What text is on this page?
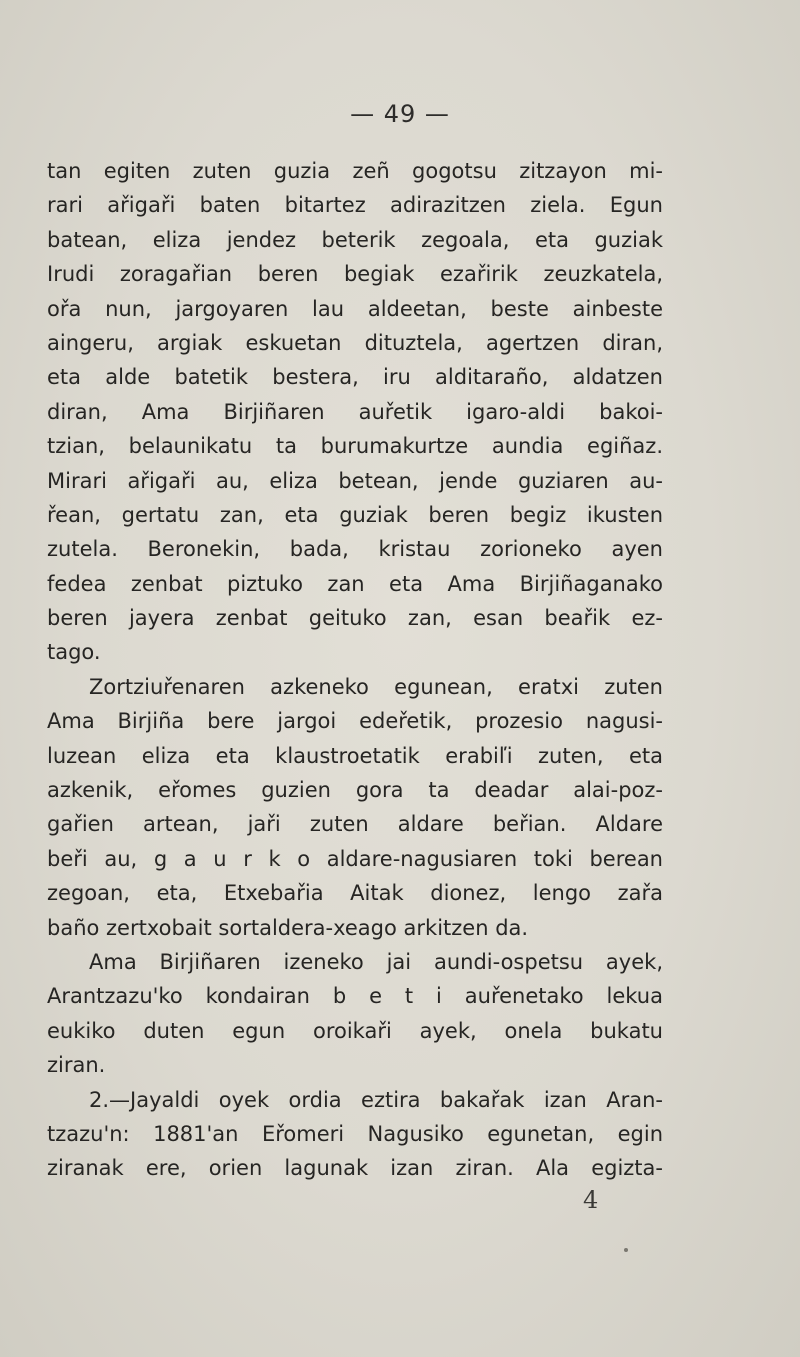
— 49 —
tan egiten zuten guzia zeñ gogotsu zitzayon mi-
rari ařigaři baten bitartez adirazitzen ziela. Egun
batean, eliza jendez beterik zegoala, eta guziak
Irudi zoragařian beren begiak ezařirik zeuzkatela,
ořa nun, jargoyaren lau aldeetan, beste ainbeste
aingeru, argiak eskuetan dituztela, agertzen diran,
eta alde batetik bestera, iru alditaraño, aldatzen
diran, Ama Birjiñaren auřetik igaro-aldi bakoi-
tzian, belaunikatu ta burumakurtze aundia egiñaz.
Mirari ařigaři au, eliza betean, jende guziaren au-
řean, gertatu zan, eta guziak beren begiz ikusten
zutela. Beronekin, bada, kristau zorioneko ayen
fedea zenbat piztuko zan eta Ama Birjiñaganako
beren jayera zenbat geituko zan, esan beařik ez-
tago.
Zortziuřenaren azkeneko egunean, eratxi zuten
Ama Birjiña bere jargoi edeřetik, prozesio nagusi-
luzean eliza eta klaustroetatik erabiľi zuten, eta
azkenik, eřomes guzien gora ta deadar alai-poz-
gařien artean, jaři zuten aldare beřian. Aldare
beři au, g a u r k o aldare-nagusiaren toki berean
zegoan, eta, Etxebařia Aitak dionez, lengo zařa
baño zertxobait sortaldera-xeago arkitzen da.
Ama Birjiñaren izeneko jai aundi-ospetsu ayek,
Arantzazu'ko kondairan b e t i auřenetako lekua
eukiko duten egun oroikaři ayek, onela bukatu
ziran.
2.—Jayaldi oyek ordia eztira bakařak izan Aran-
tzazu'n: 1881'an Eřomeri Nagusiko egunetan, egin
ziranak ere, orien lagunak izan ziran. Ala egizta-
4
